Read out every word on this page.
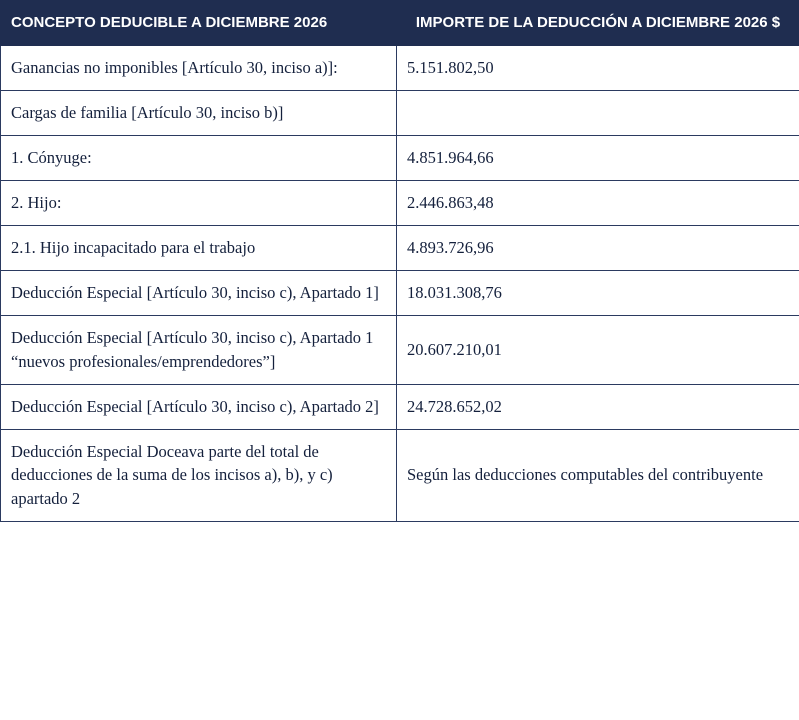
CONCEPTO DEDUCIBLE A DICIEMBRE 2026	IMPORTE DE LA DEDUCCIÓN A DICIEMBRE 2026 $
Ganancias no imponibles [Artículo 30, inciso a)]:	5.151.802,50
Cargas de familia [Artículo 30, inciso b)]	
1. Cónyuge:	4.851.964,66
2. Hijo:	2.446.863,48
2.1. Hijo incapacitado para el trabajo	4.893.726,96
Deducción Especial [Artículo 30, inciso c), Apartado 1]	18.031.308,76
Deducción Especial [Artículo 30, inciso c), Apartado 1 “nuevos profesionales/emprendedores”]	20.607.210,01
Deducción Especial [Artículo 30, inciso c), Apartado 2]	24.728.652,02
Deducción Especial Doceava parte del total de deducciones de la suma de los incisos a), b), y c) apartado 2	Según las deducciones computables del contribuyente
